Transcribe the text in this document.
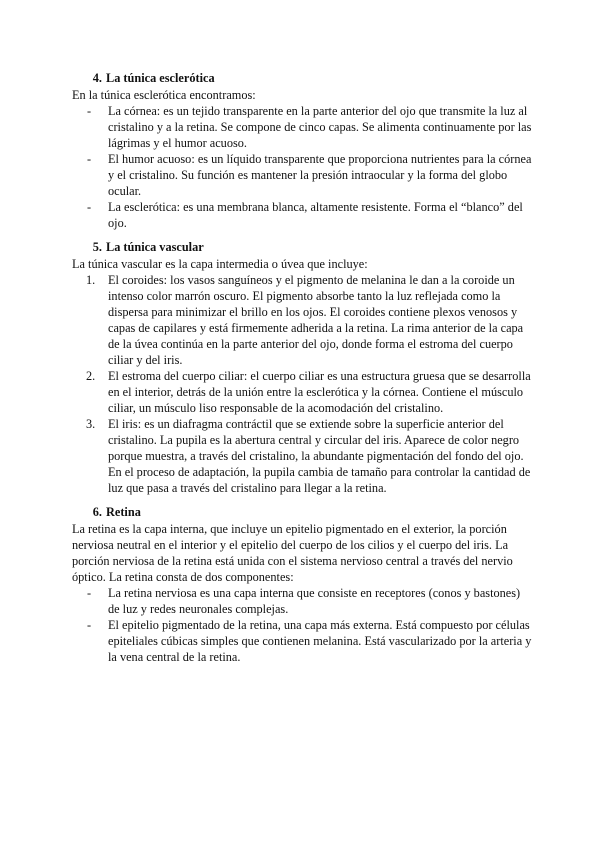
4. La túnica esclerótica

En la túnica esclerótica encontramos:

-	La córnea: es un tejido transparente en la parte anterior del ojo que transmite la luz al cristalino y a la retina. Se compone de cinco capas. Se alimenta continuamente por las lágrimas y el humor acuoso.
-	El humor acuoso: es un líquido transparente que proporciona nutrientes para la córnea y el cristalino. Su función es mantener la presión intraocular y la forma del globo ocular.
-	La esclerótica: es una membrana blanca, altamente resistente. Forma el “blanco” del ojo.
5. La túnica vascular

La túnica vascular es la capa intermedia o úvea que incluye:

1.	El coroides: los vasos sanguíneos y el pigmento de melanina le dan a la coroide un intenso color marrón oscuro. El pigmento absorbe tanto la luz reflejada como la dispersa para minimizar el brillo en los ojos. El coroides contiene plexos venosos y capas de capilares y está firmemente adherida a la retina. La rima anterior de la capa de la úvea continúa en la parte anterior del ojo, donde forma el estroma del cuerpo ciliar y del iris.
2.	El estroma del cuerpo ciliar: el cuerpo ciliar es una estructura gruesa que se desarrolla en el interior, detrás de la unión entre la esclerótica y la córnea. Contiene el músculo ciliar, un músculo liso responsable de la acomodación del cristalino.
3.	El iris: es un diafragma contráctil que se extiende sobre la superficie anterior del cristalino. La pupila es la abertura central y circular del iris. Aparece de color negro porque muestra, a través del cristalino, la abundante pigmentación del fondo del ojo. En el proceso de adaptación, la pupila cambia de tamaño para controlar la cantidad de luz que pasa a través del cristalino para llegar a la retina.
6. Retina

La retina es la capa interna, que incluye un epitelio pigmentado en el exterior, la porción nerviosa neutral en el interior y el epitelio del cuerpo de los cilios y el cuerpo del iris. La porción nerviosa de la retina está unida con el sistema nervioso central a través del nervio óptico. La retina consta de dos componentes:

-	La retina nerviosa es una capa interna que consiste en receptores (conos y bastones) de luz y redes neuronales complejas.
-	El epitelio pigmentado de la retina, una capa más externa. Está compuesto por células epiteliales cúbicas simples que contienen melanina. Está vascularizado por la arteria y la vena central de la retina.
